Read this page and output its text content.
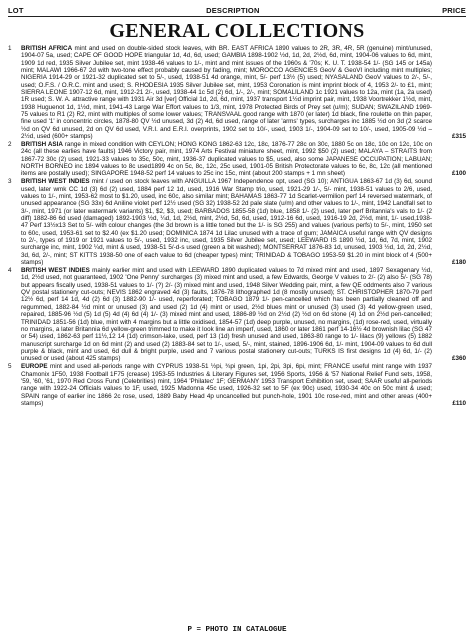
LOT	DESCRIPTION	PRICE
GENERAL COLLECTIONS
1	BRITISH AFRICA mint and used on double-sided stock leaves, with BR. EAST AFRICA 1890 values to 2R, 3R, 4R, 5R (genuine) mint/unused, 1904-07 5a, used; CAPE OF GOOD HOPE triangular 1d, 4d, 6d, used; GAMBIA 1898-1902 ½d, 1d, 2d, 2½d, 6d, mint, 1904-06 values to 6d, mint, 1909 1d red, 1935 Silver Jubilee set, mint 1938-46 values to 1/-, mint and mint issues of the 1960s & '70s; K. U. T. 1938-54 1/- (SG 145 or 145a) mint; MALAWI 1966-67 2d with two-tone effect probably caused by fading, mint; MOROCCO AGENCIES GeoV & GeoVI including mint multiples; NIGERIA 1914-29 or 1921-32 duplicated set to 5/-, used, 1938-51 4d orange, mint, 5/- perf 13½ (5) used; NYASALAND GeoV values to 2/-, 5/-, used; O.F.S. / O.R.C. mint and used; S. RHODESIA 1935 Silver Jubilee set, mint, 1953 Coronation is mint imprint block of 4, 1953 2/- to £1, mint; SIERRA LEONE 1907-12 6d, mint, 1912-21 2/-, used, 1938-44 1c 5d (2) 6d, 1/-, 2/-, mint; SOMALILAND 1c 1921 values to 12a, mint (1a, 2a used) 1R used; S. W. A. attractive range with 1931 Air 3d [ver] Official 1d, 2d, 6d, mint, 1937 transport 1½d imprint pair, mint, 1938 Voortrekker 1½d, mint, 1938 Huguenot 1d, 1½d, mint, 1941-43 Large War Effort values to 1/3, mint, 1978 Protected Birds of Prey set (u/m); SUDAN; SWAZILAND 1969-75 values to R1 (2) R2, mint with multiples of some lower values; TRANSVAAL good range with 1870 (er later) 1d black, fine roulette on thin paper, fine used '1' in concentric circles, 1878-80 QV ½d unused, 3d (2) 4d, 6d used, range of later 'arms' types, surcharges inc 1885 ½d on 3d (2 scarce ½d on QV 6d unused, 2d on QV 6d used, V.R.I. and E.R.I. overprints, 1902 set to 10/-, used, 1903 1/-, 1904-09 set to 10/-, used, 1905-09 ½d – 2½d, used (600+ stamps)	£315
2	BRITISH ASIA range in mixed condition with CEYLON; HONG KONG 1862-63 12c, 18c, 1876-77 28c on 30c, 1880 5c on 18c, 10c on 12c, 10c on 24c (all these earlies have faults) 1946 Victory pair, mint, 1974 Arts Festival miniature sheet, mint, 1992 $50 (2) used; MALAYA – STRAITS from 1867-72 30c (2) used, 1921-33 values to 35c, 50c, mint, 1936-37 duplicated values to $5, used, also some JAPANESE OCCUPATION; LABUAN; NORTH BORNEO inc 1894 values to 8c used1899 4c on 5c, 8c, 12c, 25c used, 1901-05 British Protectorate values to 6c, 8c, 12c (all mentioned items are postally used); SINGAPORE 1948-52 perf 14 values to 25c inc 15c, mint (about 200 stamps + 1 mn sheet)	£100
3	BRITISH WEST INDIES mint / used on stock leaves with ANGUILLA 1967 Independence opt, used (SG 10); ANTIGUA 1863-67 1d (3) 6d, sound used, later wmk CC 1d (3) 6d (2) used, 1884 perf 12 1d, used, 1916 War Stamp trio, used, 1921-29 1/-, 5/- mint, 1938-51 values to 2/6, used, values to 1/-, mint, 1953-62 most to $1.20, used, inc 60c, also similar mint; BAHAMAS 1863-77 1d Scarlet-vermilion perf 14 reversed watermark, of unused appearance (SG 33x) 6d Aniline violet perf 12½ used (SG 32) 1938-52 2d pale slate (u/m) and other values to 1/-, mint, 1942 Landfall set to 3/-, mint, 1971 (or later watermark variants) $1, $2, $3, used; BARBADOS 1855-58 (1d) blue, 1858 1/- (2) used, later perf Britannia's vals to 1/- (2 diff) 1882-86 6d used (damaged) 1892-1903 ½d, ¼d, 1d, 2½d, mint, 2½d, 5d, 6d, used, 1912-16 6d, used, 1916-19 2d, 2½d, mint, 1/- used,1938-47 Perf 13½x13 Set to 5/- with colour changes (the 3d brown is a little toned but the 1/- is SG 255) and values (various perfs) to 5/-, mint, 1950 set to 60c, used, 1953-61 set to $2.40 (ex $1.20 used; DOMINICA 1874 1d Lilac unused with a trace of gum; JAMAICA useful range with QV designs to 2/-, types of 1919 or 1921 values to 5/-, used, 1932 inc, used, 1935 Silver Jubilee set, used; LEEWARD IS 1890 ½d, 1d, 6d, 7d, mint, 1902 surcharge inc, mint, 1902 ¼d, mint & used, 1938-51 5/-d-s used (green a bit washed); MONTSERRAT 1876-83 1d, unused, 1903 ½d, 1d, 2d, 2½d, 3d, 6d, 2/-, mint; ST KITTS 1938-50 one of each value to 6d (cheaper types) mint; TRINIDAD & TOBAGO 1953-59 $1.20 in mint block of 4 (500+ stamps)	£180
4	BRITISH WEST INDIES mainly earlier mint and used with LEEWARD 1890 duplicated values to 7d mixed mint and used, 1897 Sexagenary ½d, 1d, 2½d used, not guaranteed, 1902 'One Penny' surcharges (3) mixed mint and used, a few Edwards, George V values to 2/- (2) also 5/- (SG 78) but appears fiscally used, 1938-51 values to 1/- (?) 2/- (3) mixed mint and used, 1948 Silver Wedding pair, mint, a few QE oddments also 7 various QV postal stationery cut-outs; NEVIS 1862 engraved 4d (3) faults, 1876-78 lithographed 1d (8 mostly unused); ST. CHRISTOPHER 1870-79 perf 12½ 6d, perf 14 1d, 4d (2) 6d (3) 1882-90 1/- used, reperforated; TOBAGO 1879 1/- pen-cancelled which has been partially cleaned off and regummed, 1882-84 ½d mint or unused (3) and used (2) 1d (4) mint or used, 2½d blues mint or unused (3) used (3) 4d yellow-green used, repaired, 1885-96 ½d (5) 1d (5) 4d (4) 6d (4) 1/- (3) mixed mint and used, 1886-89 ½d on 2½d (2) ½d on 6d stone (4) 1d on 2½d pen-cancelled; TRINIDAD 1851-56 (1d) blue, mint with 4 margins but a little oxidised, 1854-57 (1d) deep purple, unused, no margins, (1d) rose-red, used, virtually no margins, a later Britannia 6d yellow-green trimmed to make it look line an imperf, used, 1860 or later 1861 perf 14-16½ 4d brownish lilac (SG 47 or 54) used, 1862-63 perf 11½,12 14 (1d) crimson-lake, used, perf 13 (1d) fresh unused and used, 1863-80 range to 1/- lilacs (9) yellows (5) 1882 manuscript surcharge 1d on 6d mint (2) and used (2) 1883-84 set to 1/-, used, 5/-, mint, stained, 1896-1906 6d, 1/- mint, 1904-09 values to 6d dull purple & black, mint and used, 6d dull & bright purple, used and 7 various postal stationery cut-outs; TURKS IS first designs 1d (4) 6d, 1/- (2) unused or used (about 425 stamps)	£360
5	EUROPE mint and used all-periods range with CYPRUS 1938-51 ½pi, ¾pi green, 1pi, 2pi, 3pi, 6pi, mint; FRANCE useful mint range with 1937 Chamonix 1F50, 1938 Football 1F75 (crease) 1953-55 Industries & Literary Figures set, 1956 Sports, 1956 & '57 National Relief Fund sets, 1958, '59, '60, '61, 1970 Red Cross Fund (Celebrities) mint, 1964 'Philatec' 1F; GERMANY 1953 Transport Exhibition set, used; SAAR useful all-periods range with 1922-24 Officials values to 1F, used, 1925 Madonna 45c used, 1926-32 set to 5F (ex 90c) used, 1930-34 40c on 50c mint & used; SPAIN range of earlier inc 1866 2c rose, used, 1889 Baby Head 4p uncancelled but punch-hole, 1901 10c rose-red, mint and other areas (400+ stamps)	£110
P = PHOTO IN CATALOGUE
